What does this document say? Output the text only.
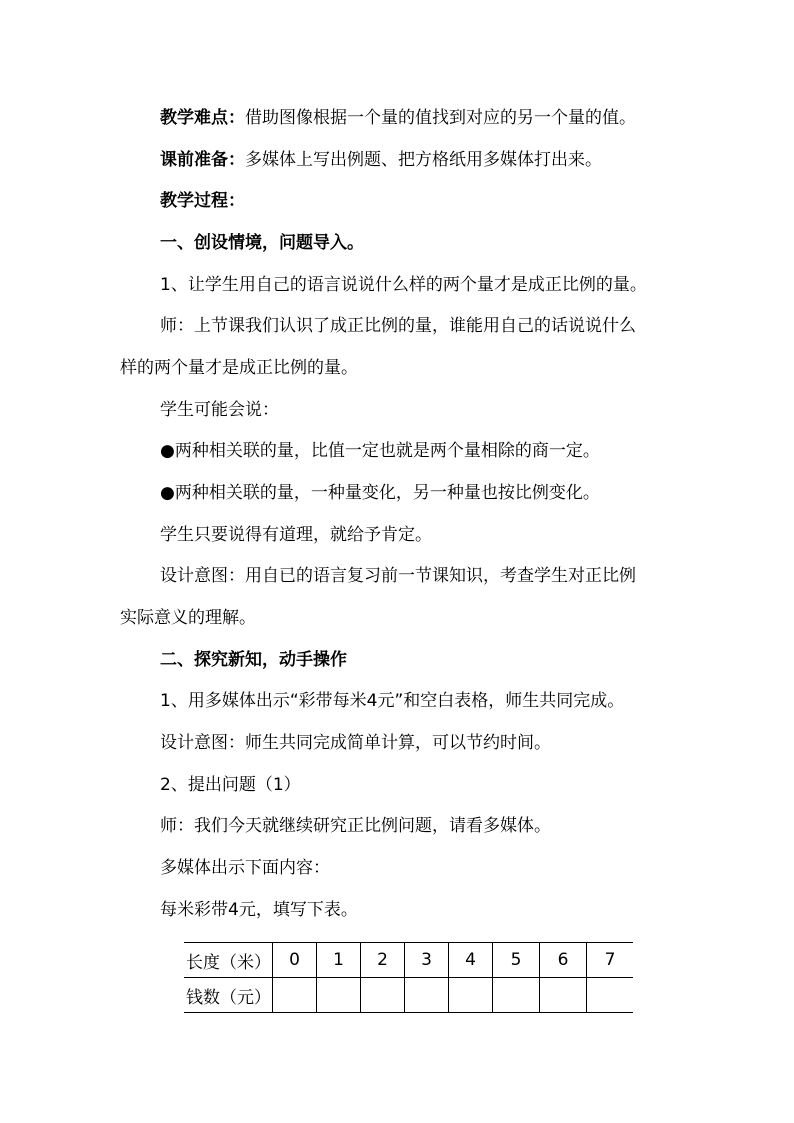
教学难点：借助图像根据一个量的值找到对应的另一个量的值。
课前准备：多媒体上写出例题、把方格纸用多媒体打出来。
教学过程：
一、创设情境，问题导入。
1、让学生用自己的语言说说什么样的两个量才是成正比例的量。
师：上节课我们认识了成正比例的量，谁能用自己的话说说什么
样的两个量才是成正比例的量。
学生可能会说：
●两种相关联的量，比值一定也就是两个量相除的商一定。
●两种相关联的量，一种量变化，另一种量也按比例变化。
学生只要说得有道理，就给予肯定。
设计意图：用自已的语言复习前一节课知识，考查学生对正比例
实际意义的理解。
二、探究新知，动手操作
1、用多媒体出示“彩带每米4元”和空白表格，师生共同完成。
设计意图：师生共同完成简单计算，可以节约时间。
2、提出问题（1）
师：我们今天就继续研究正比例问题，请看多媒体。
多媒体出示下面内容：
每米彩带4元，填写下表。
长度（米）	0	1	2	3	4	5	6	7
钱数（元）								
